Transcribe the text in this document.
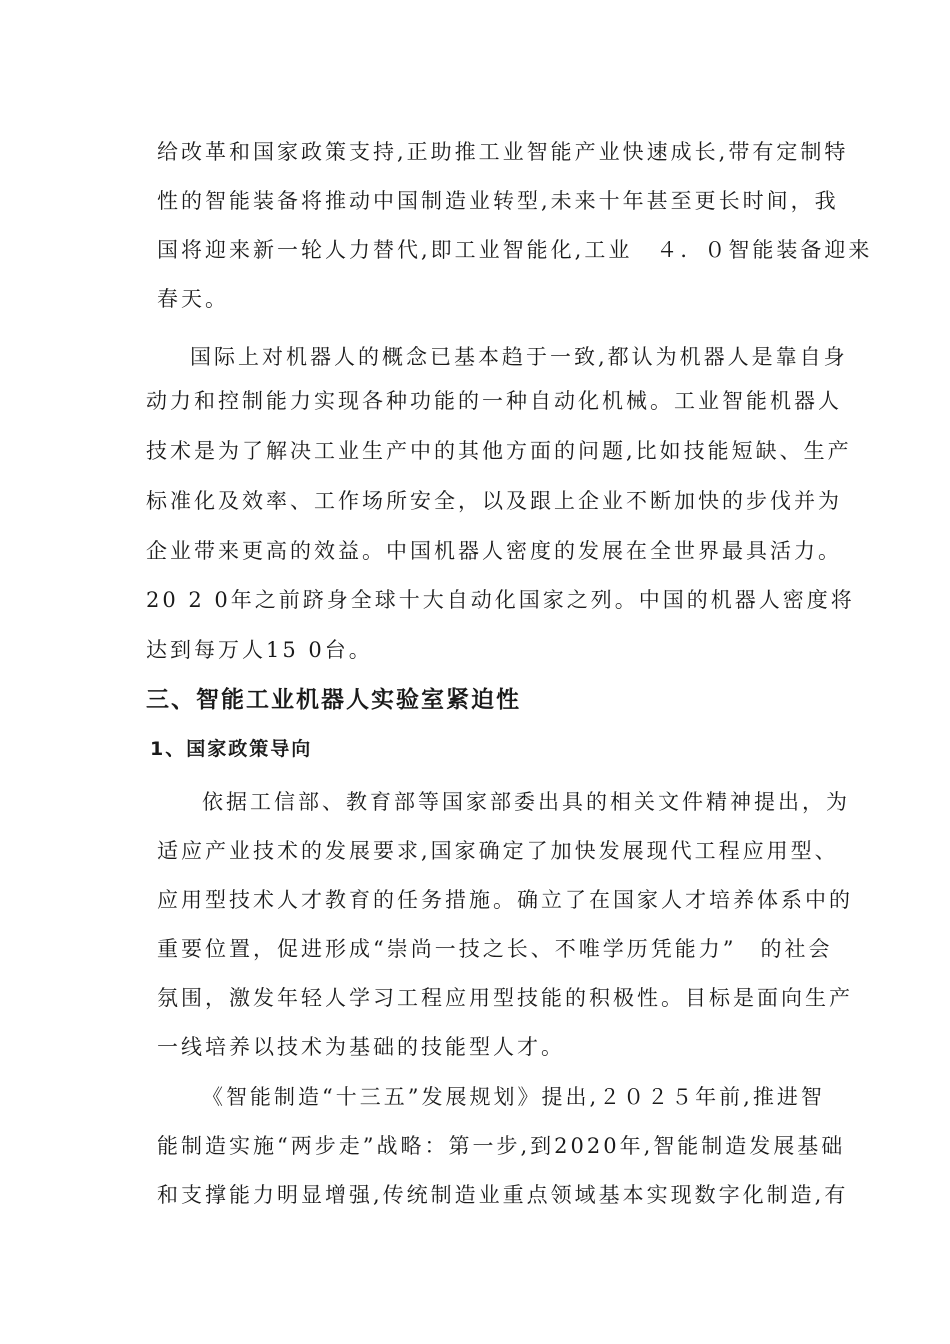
给改革和国家政策支持,正助推工业智能产业快速成长,带有定制特
性的智能装备将推动中国制造业转型,未来十年甚至更长时间，我
国将迎来新一轮人力替代,即工业智能化,工业　４．０智能装备迎来
春天。
国际上对机器人的概念已基本趋于一致,都认为机器人是靠自身
动力和控制能力实现各种功能的一种自动化机械。工业智能机器人
技术是为了解决工业生产中的其他方面的问题,比如技能短缺、生产
标准化及效率、工作场所安全，以及跟上企业不断加快的步伐并为
企业带来更高的效益。中国机器人密度的发展在全世界最具活力。
20 2 0年之前跻身全球十大自动化国家之列。中国的机器人密度将
达到每万人15 0台。
三、智能工业机器人实验室紧迫性
1、国家政策导向
依据工信部、教育部等国家部委出具的相关文件精神提出，为
适应产业技术的发展要求,国家确定了加快发展现代工程应用型、
应用型技术人才教育的任务措施。确立了在国家人才培养体系中的
重要位置，促进形成“崇尚一技之长、不唯学历凭能力”　的社会
氛围，激发年轻人学习工程应用型技能的积极性。目标是面向生产
一线培养以技术为基础的技能型人才。
《智能制造“十三五”发展规划》提出,２０２５年前,推进智
能制造实施“两步走”战略：第一步,到2020年,智能制造发展基础
和支撑能力明显增强,传统制造业重点领域基本实现数字化制造,有
